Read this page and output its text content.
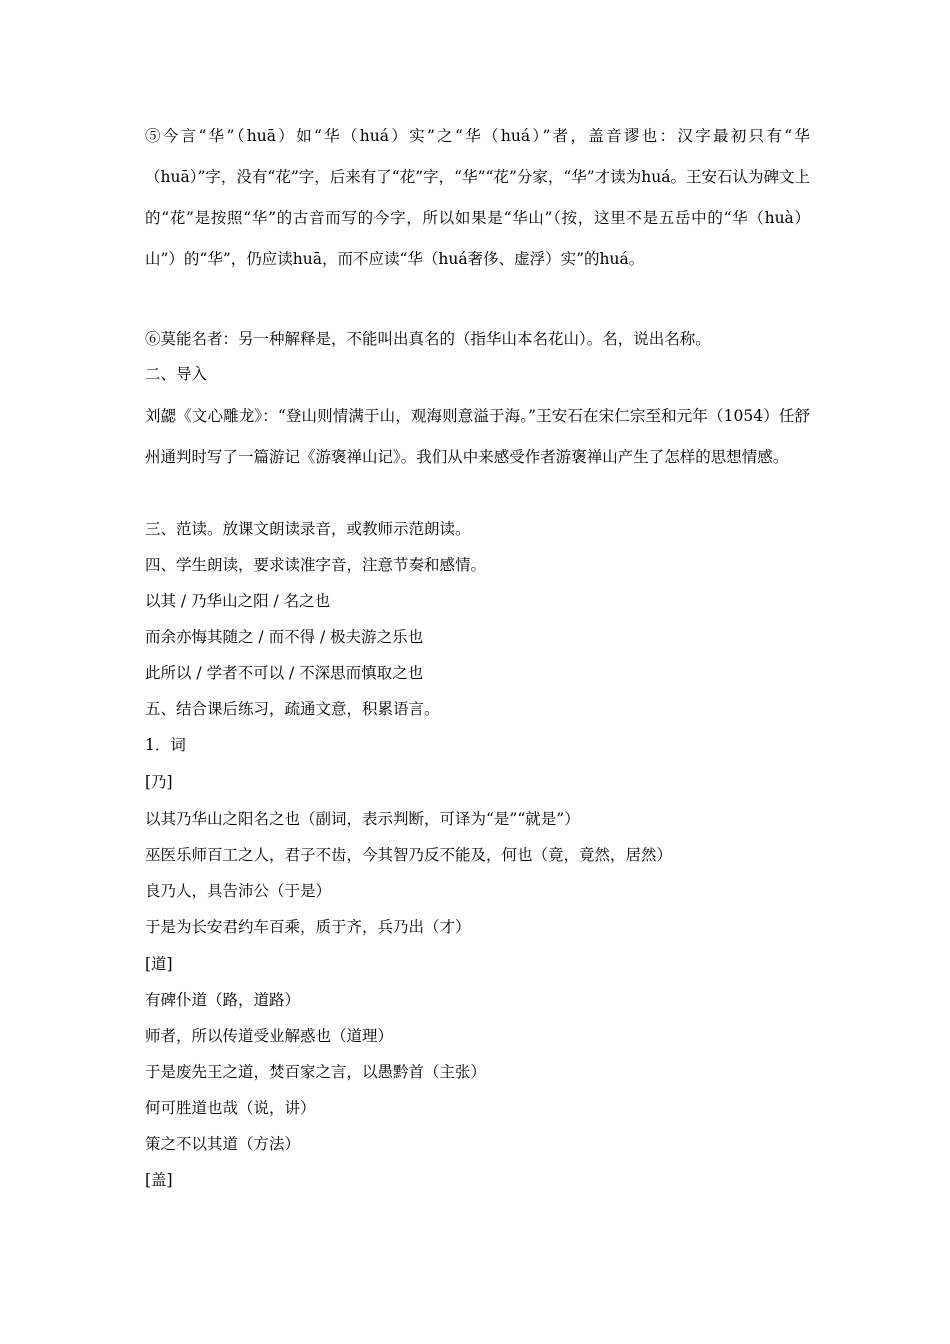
⑤今言“华”（huā）如“华（huá）实”之“华（huá）”者，盖音谬也：汉字最初只有“华（huā）”字，没有“花”字，后来有了“花”字，“华”“花”分家，“华”才读为huá。王安石认为碑文上的“花”是按照“华”的古音而写的今字，所以如果是“华山”（按，这里不是五岳中的“华（huà）山”）的“华”，仍应读huā，而不应读“华（huá奢侈、虚浮）实”的huá。
⑥莫能名者：另一种解释是，不能叫出真名的（指华山本名花山）。名，说出名称。
二、导入
刘勰《文心雕龙》：“登山则情满于山，观海则意溢于海。”王安石在宋仁宗至和元年（1054）任舒州通判时写了一篇游记《游褒禅山记》。我们从中来感受作者游褒禅山产生了怎样的思想情感。
三、范读。放课文朗读录音，或教师示范朗读。
四、学生朗读，要求读准字音，注意节奏和感情。
以其 / 乃华山之阳 / 名之也
而余亦悔其随之 / 而不得 / 极夫游之乐也
此所以 / 学者不可以 / 不深思而慎取之也
五、结合课后练习，疏通文意，积累语言。
1．词
[乃]
以其乃华山之阳名之也（副词，表示判断，可译为“是”“就是”）
巫医乐师百工之人，君子不齿，今其智乃反不能及，何也（竟，竟然，居然）
良乃人，具告沛公（于是）
于是为长安君约车百乘，质于齐，兵乃出（才）
[道]
有碑仆道（路，道路）
师者，所以传道受业解惑也（道理）
于是废先王之道，焚百家之言，以愚黔首（主张）
何可胜道也哉（说，讲）
策之不以其道（方法）
[盖]
